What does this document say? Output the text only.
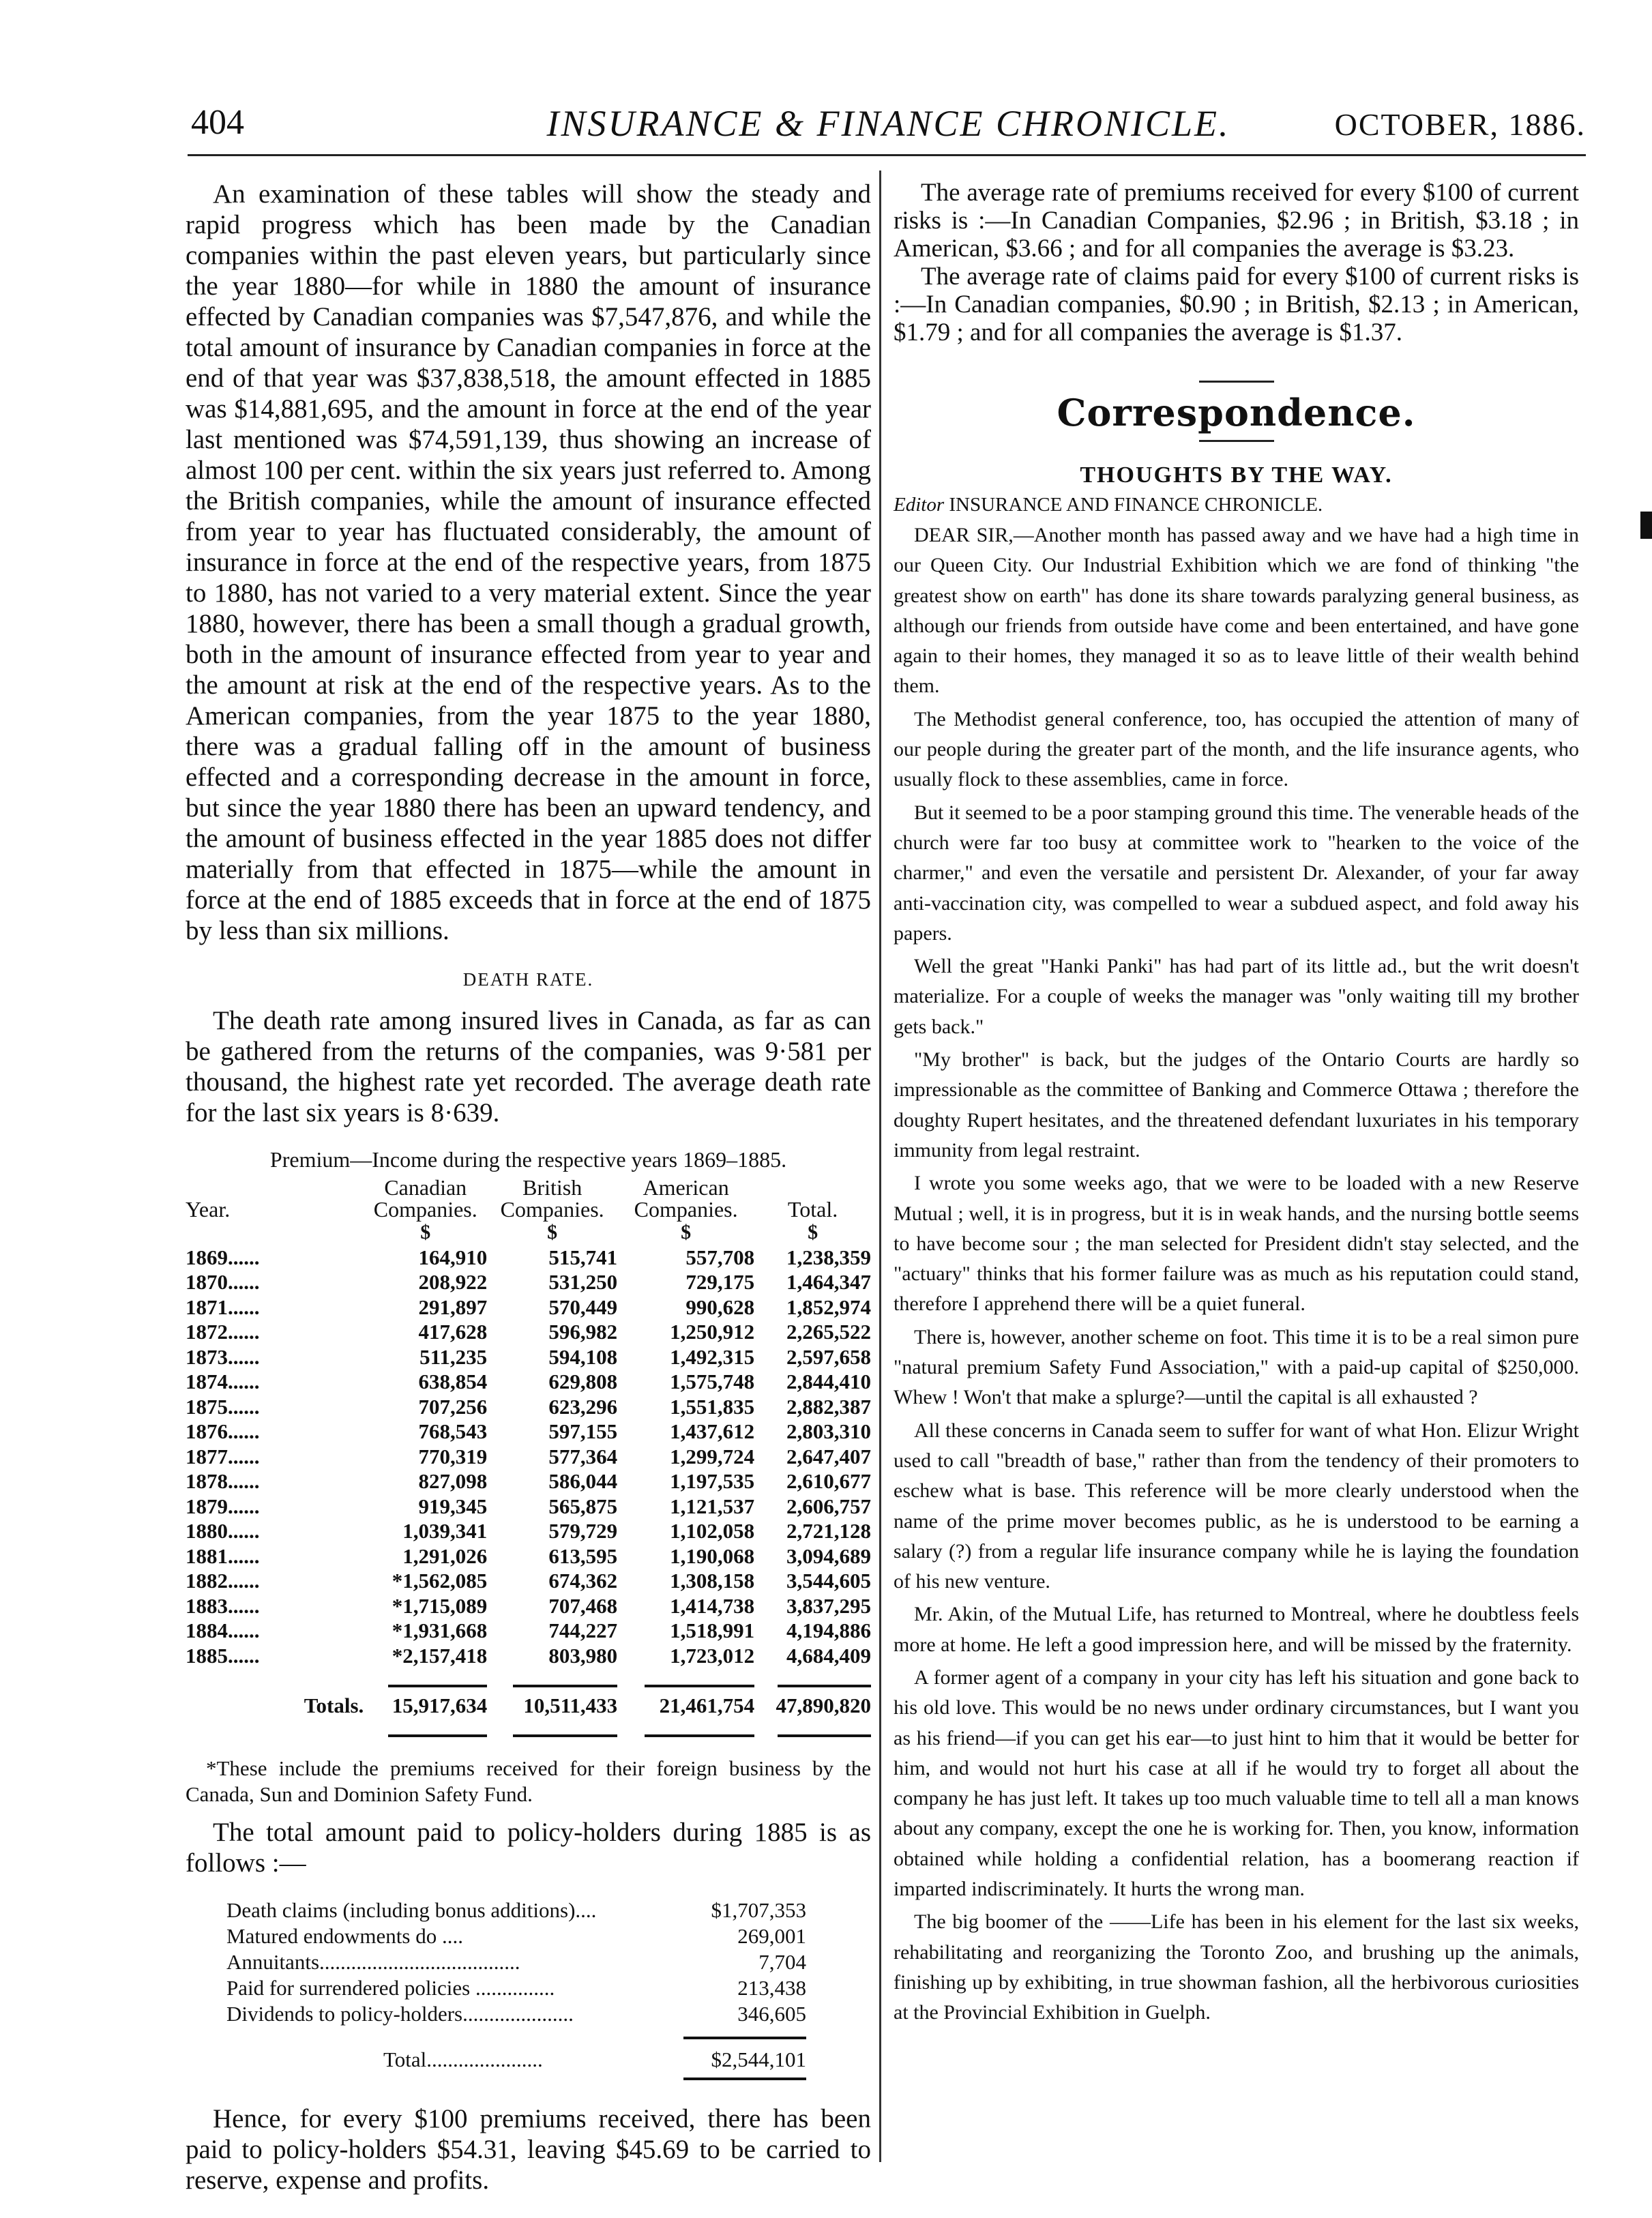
404	INSURANCE & FINANCE CHRONICLE.	OCTOBER, 1886.

An examination of these tables will show the steady and rapid progress which has been made by the Canadian companies within the past eleven years, but particularly since the year 1880—for while in 1880 the amount of insurance effected by Canadian companies was $7,547,876, and while the total amount of insurance by Canadian companies in force at the end of that year was $37,838,518, the amount effected in 1885 was $14,881,695, and the amount in force at the end of the year last mentioned was $74,591,139, thus showing an increase of almost 100 per cent. within the six years just referred to. Among the British companies, while the amount of insurance effected from year to year has fluctuated considerably, the amount of insurance in force at the end of the respective years, from 1875 to 1880, has not varied to a very material extent. Since the year 1880, however, there has been a small though a gradual growth, both in the amount of insurance effected from year to year and the amount at risk at the end of the respective years. As to the American companies, from the year 1875 to the year 1880, there was a gradual falling off in the amount of business effected and a corresponding decrease in the amount in force, but since the year 1880 there has been an upward tendency, and the amount of business effected in the year 1885 does not differ materially from that effected in 1875—while the amount in force at the end of 1885 exceeds that in force at the end of 1875 by less than six millions.

DEATH RATE.

The death rate among insured lives in Canada, as far as can be gathered from the returns of the companies, was 9·581 per thousand, the highest rate yet recorded. The average death rate for the last six years is 8·639.

Premium—Income during the respective years 1869–1885.
Year.	Canadian Companies.	British Companies.	American Companies.	Total.
	$	$	$	$
1869......	164,910	515,741	557,708	1,238,359
1870......	208,922	531,250	729,175	1,464,347
1871......	291,897	570,449	990,628	1,852,974
1872......	417,628	596,982	1,250,912	2,265,522
1873......	511,235	594,108	1,492,315	2,597,658
1874......	638,854	629,808	1,575,748	2,844,410
1875......	707,256	623,296	1,551,835	2,882,387
1876......	768,543	597,155	1,437,612	2,803,310
1877......	770,319	577,364	1,299,724	2,647,407
1878......	827,098	586,044	1,197,535	2,610,677
1879......	919,345	565,875	1,121,537	2,606,757
1880......	1,039,341	579,729	1,102,058	2,721,128
1881......	1,291,026	613,595	1,190,068	3,094,689
1882......	*1,562,085	674,362	1,308,158	3,544,605
1883......	*1,715,089	707,468	1,414,738	3,837,295
1884......	*1,931,668	744,227	1,518,991	4,194,886
1885......	*2,157,418	803,980	1,723,012	4,684,409

Totals.	15,917,634	10,511,433	21,461,754	47,890,820

*These include the premiums received for their foreign business by the Canada, Sun and Dominion Safety Fund.

The total amount paid to policy-holders during 1885 is as follows :—

Death claims (including bonus additions)....	$1,707,353
Matured endowments do ....	269,001
Annuitants......................................	7,704
Paid for surrendered policies ...............	213,438
Dividends to policy-holders.....................	346,605
Total......................	$2,544,101

Hence, for every $100 premiums received, there has been paid to policy-holders $54.31, leaving $45.69 to be carried to reserve, expense and profits.

The average rate of premiums received for every $100 of current risks is :—In Canadian Companies, $2.96 ; in British, $3.18 ; in American, $3.66 ; and for all companies the average is $3.23.

The average rate of claims paid for every $100 of current risks is :—In Canadian companies, $0.90 ; in British, $2.13 ; in American, $1.79 ; and for all companies the average is $1.37.

Correspondence.
THOUGHTS BY THE WAY.
Editor INSURANCE AND FINANCE CHRONICLE.

DEAR SIR,—Another month has passed away and we have had a high time in our Queen City. Our Industrial Exhibition which we are fond of thinking "the greatest show on earth" has done its share towards paralyzing general business, as although our friends from outside have come and been entertained, and have gone again to their homes, they managed it so as to leave little of their wealth behind them.

The Methodist general conference, too, has occupied the attention of many of our people during the greater part of the month, and the life insurance agents, who usually flock to these assemblies, came in force.

But it seemed to be a poor stamping ground this time. The venerable heads of the church were far too busy at committee work to "hearken to the voice of the charmer," and even the versatile and persistent Dr. Alexander, of your far away anti-vaccination city, was compelled to wear a subdued aspect, and fold away his papers.

Well the great "Hanki Panki" has had part of its little ad., but the writ doesn't materialize. For a couple of weeks the manager was "only waiting till my brother gets back."

"My brother" is back, but the judges of the Ontario Courts are hardly so impressionable as the committee of Banking and Commerce Ottawa ; therefore the doughty Rupert hesitates, and the threatened defendant luxuriates in his temporary immunity from legal restraint.

I wrote you some weeks ago, that we were to be loaded with a new Reserve Mutual ; well, it is in progress, but it is in weak hands, and the nursing bottle seems to have become sour ; the man selected for President didn't stay selected, and the "actuary" thinks that his former failure was as much as his reputation could stand, therefore I apprehend there will be a quiet funeral.

There is, however, another scheme on foot. This time it is to be a real simon pure "natural premium Safety Fund Association," with a paid-up capital of $250,000. Whew ! Won't that make a splurge?—until the capital is all exhausted ?

All these concerns in Canada seem to suffer for want of what Hon. Elizur Wright used to call "breadth of base," rather than from the tendency of their promoters to eschew what is base. This reference will be more clearly understood when the name of the prime mover becomes public, as he is understood to be earning a salary (?) from a regular life insurance company while he is laying the foundation of his new venture.

Mr. Akin, of the Mutual Life, has returned to Montreal, where he doubtless feels more at home. He left a good impression here, and will be missed by the fraternity.

A former agent of a company in your city has left his situation and gone back to his old love. This would be no news under ordinary circumstances, but I want you as his friend—if you can get his ear—to just hint to him that it would be better for him, and would not hurt his case at all if he would try to forget all about the company he has just left. It takes up too much valuable time to tell all a man knows about any company, except the one he is working for. Then, you know, information obtained while holding a confidential relation, has a boomerang reaction if imparted indiscriminately. It hurts the wrong man.

The big boomer of the ——Life has been in his element for the last six weeks, rehabilitating and reorganizing the Toronto Zoo, and brushing up the animals, finishing up by exhibiting, in true showman fashion, all the herbivorous curiosities at the Provincial Exhibition in Guelph.
